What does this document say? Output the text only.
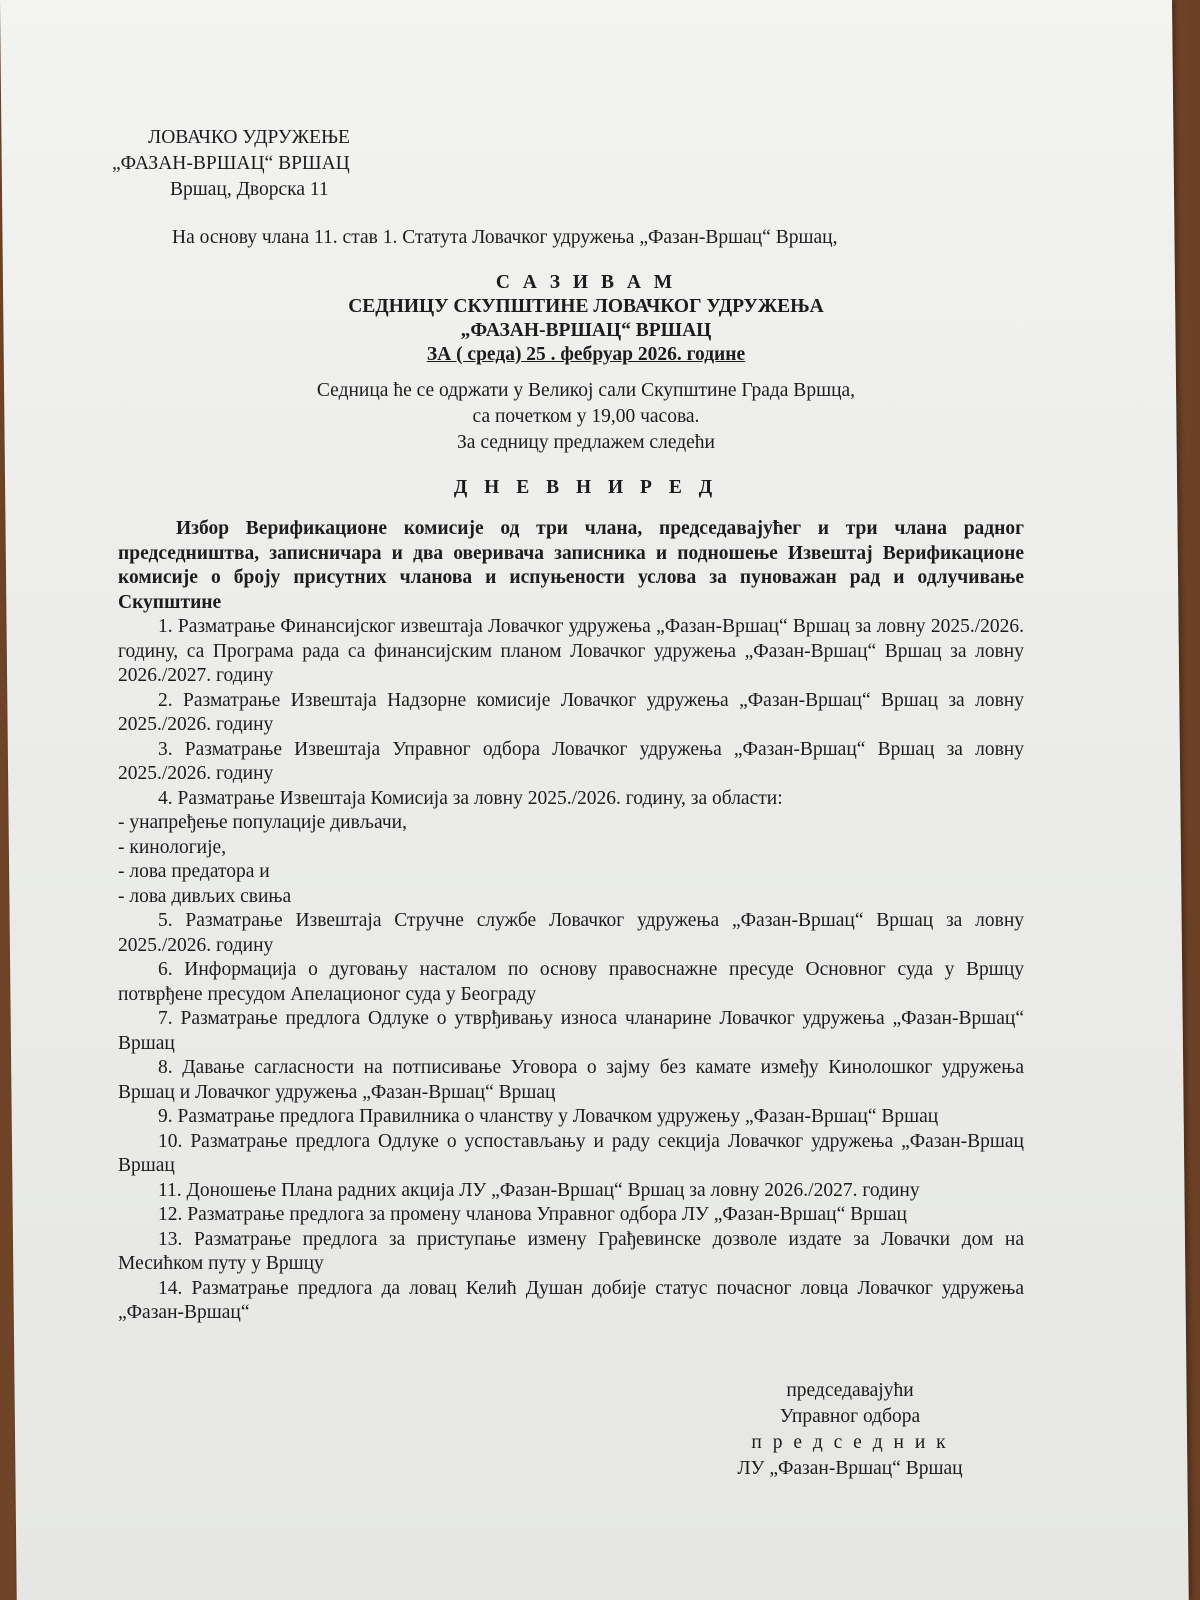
ЛОВАЧКО УДРУЖЕЊЕ
„ФАЗАН-ВРШАЦ“ ВРШАЦ
Вршац, Дворска 11
На основу члана 11. став 1. Статута Ловачког удружења „Фазан-Вршац“ Вршац,
С А З И В А М
СЕДНИЦУ СКУПШТИНЕ ЛОВАЧКОГ УДРУЖЕЊА
„ФАЗАН-ВРШАЦ“ ВРШАЦ
ЗА ( среда) 25 . фебруар 2026. године
Седница ће се одржати у Великој сали Скупштине Града Вршца,
са почетком у 19,00 часова.
За седницу предлажем следећи
Д Н Е В Н И Р Е Д

Избор Верификационе комисије од три члана, председавајућег и три члана радног председништва, записничара и два оверивача записника и подношење Извештај Верификационе комисије о броју присутних чланова и испуњености услова за пуноважан рад и одлучивање Скупштине

1. Разматрање Финансијског извештаја Ловачког удружења „Фазан-Вршац“ Вршац за ловну 2025./2026. годину, са Програма рада са финансијским планом Ловачког удружења „Фазан-Вршац“ Вршац за ловну 2026./2027. годину

2. Разматрање Извештаја Надзорне комисије Ловачког удружења „Фазан-Вршац“ Вршац за ловну 2025./2026. годину

3. Разматрање Извештаја Управног одбора Ловачког удружења „Фазан-Вршац“ Вршац за ловну 2025./2026. годину

4. Разматрање Извештаја Комисија за ловну 2025./2026. годину, за области:

- унапређење популације дивљачи,

- кинологије,

- лова предатора и

- лова дивљих свиња

5. Разматрање Извештаја Стручне службе Ловачког удружења „Фазан-Вршац“ Вршац за ловну 2025./2026. годину

6. Информација о дуговању насталом по основу правоснажне пресуде Основног суда у Вршцу потврђене пресудом Апелационог суда у Београду

7. Разматрање предлога Одлуке о утврђивању износа чланарине Ловачког удружења „Фазан-Вршац“ Вршац

8. Давање сагласности на потписивање Уговора о зајму без камате између Кинолошког удружења Вршац и Ловачког удружења „Фазан-Вршац“ Вршац

9. Разматрање предлога Правилника о чланству у Ловачком удружењу „Фазан-Вршац“ Вршац

10. Разматрање предлога Одлуке о успостављању и раду секција Ловачког удружења „Фазан-Вршац Вршац

11. Доношење Плана радних акција ЛУ „Фазан-Вршац“ Вршац за ловну 2026./2027. годину

12. Разматрање предлога за промену чланова Управног одбора ЛУ „Фазан-Вршац“ Вршац

13. Разматрање предлога за приступање измену Грађевинске дозволе издате за Ловачки дом на Месићком путу у Вршцу

14. Разматрање предлога да ловац Келић Душан добије статус почасног ловца Ловачког удружења „Фазан-Вршац“

председавајући
Управног одбора
п р е д с е д н и к
ЛУ „Фазан-Вршац“ Вршац
